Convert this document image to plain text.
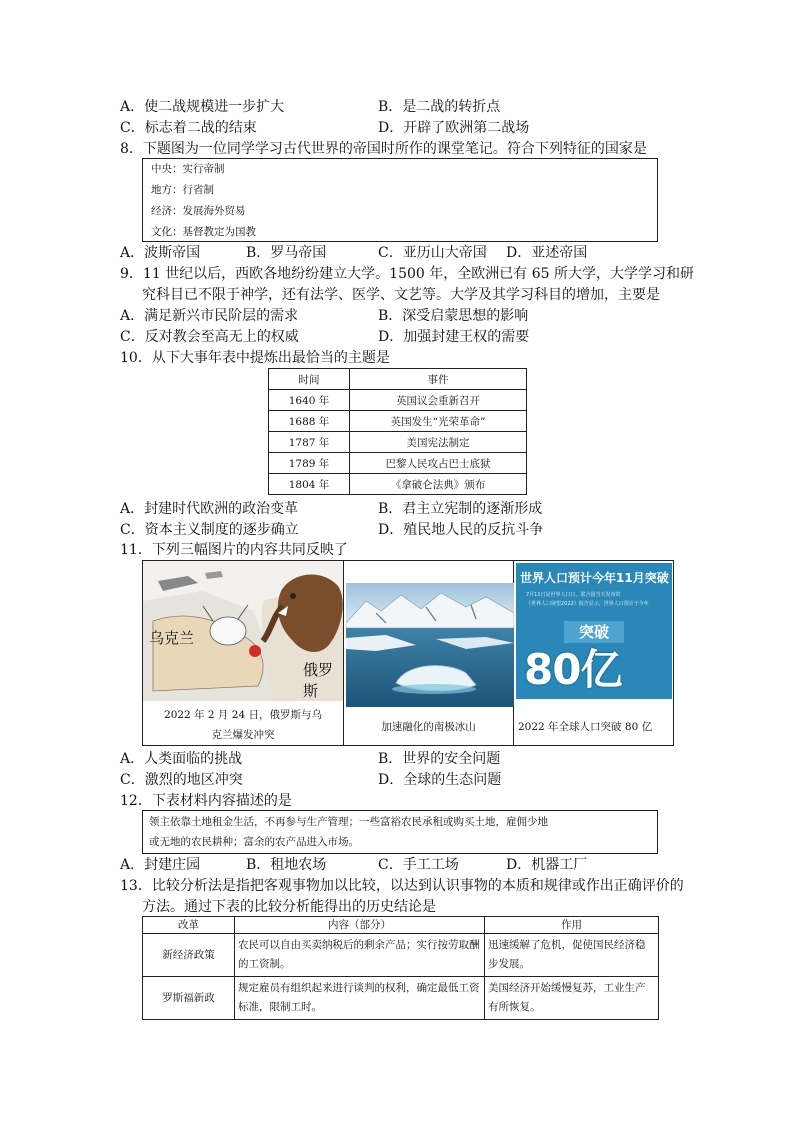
A．使二战规模进一步扩大	B．是二战的转折点
C．标志着二战的结束	D．开辟了欧洲第二战场
8．下题图为一位同学学习古代世界的帝国时所作的课堂笔记。符合下列特征的国家是
中央：实行帝制
地方：行省制
经济：发展海外贸易
文化：基督教定为国教
A．波斯帝国	B．罗马帝国	C．亚历山大帝国 D．亚述帝国
9．11 世纪以后，西欧各地纷纷建立大学。1500 年，全欧洲已有 65 所大学，大学学习和研
究科目已不限于神学，还有法学、医学、文艺等。大学及其学习科目的增加，主要是
A．满足新兴市民阶层的需求	B．深受启蒙思想的影响
C．反对教会至高无上的权威	D．加强封建王权的需要
10．从下大事年表中提炼出最恰当的主题是
时间	事件
1640 年	英国议会重新召开
1688 年	英国发生“光荣革命”
1787 年	美国宪法制定
1789 年	巴黎人民攻占巴士底狱
1804 年	《拿破仑法典》颁布
A．封建时代欧洲的政治变革	B．君主立宪制的逐渐形成
C．资本主义制度的逐步确立	D．殖民地人民的反抗斗争
11．下列三幅图片的内容共同反映了
乌克兰
俄罗斯
2022 年 2 月 24 日，俄罗斯与乌
克兰爆发冲突
加速融化的南极冰山
世界人口预计今年11月突破
7月11日是世界人口日，联合国当天发布的
《世界人口展望2022》报告显示，世界人口预计于今年
突破
80亿
2022 年全球人口突破 80 亿
A．人类面临的挑战	B．世界的安全问题
C．激烈的地区冲突	D．全球的生态问题
12．下表材料内容描述的是
领主依靠土地租金生活，不再参与生产管理；一些富裕农民承租或购买土地，雇佣少地
或无地的农民耕种；富余的农产品进入市场。
A．封建庄园	B．租地农场	C．手工工场	D．机器工厂
13．比较分析法是指把客观事物加以比较，以达到认识事物的本质和规律或作出正确评价的
方法。通过下表的比较分析能得出的历史结论是
改革	内容（部分）	作用
新经济政策	农民可以自由买卖纳税后的剩余产品；实行按劳取酬的工资制。	迅速缓解了危机，促使国民经济稳步发展。
罗斯福新政	规定雇员有组织起来进行谈判的权利，确定最低工资标准，限制工时。	美国经济开始缓慢复苏，工业生产有所恢复。
